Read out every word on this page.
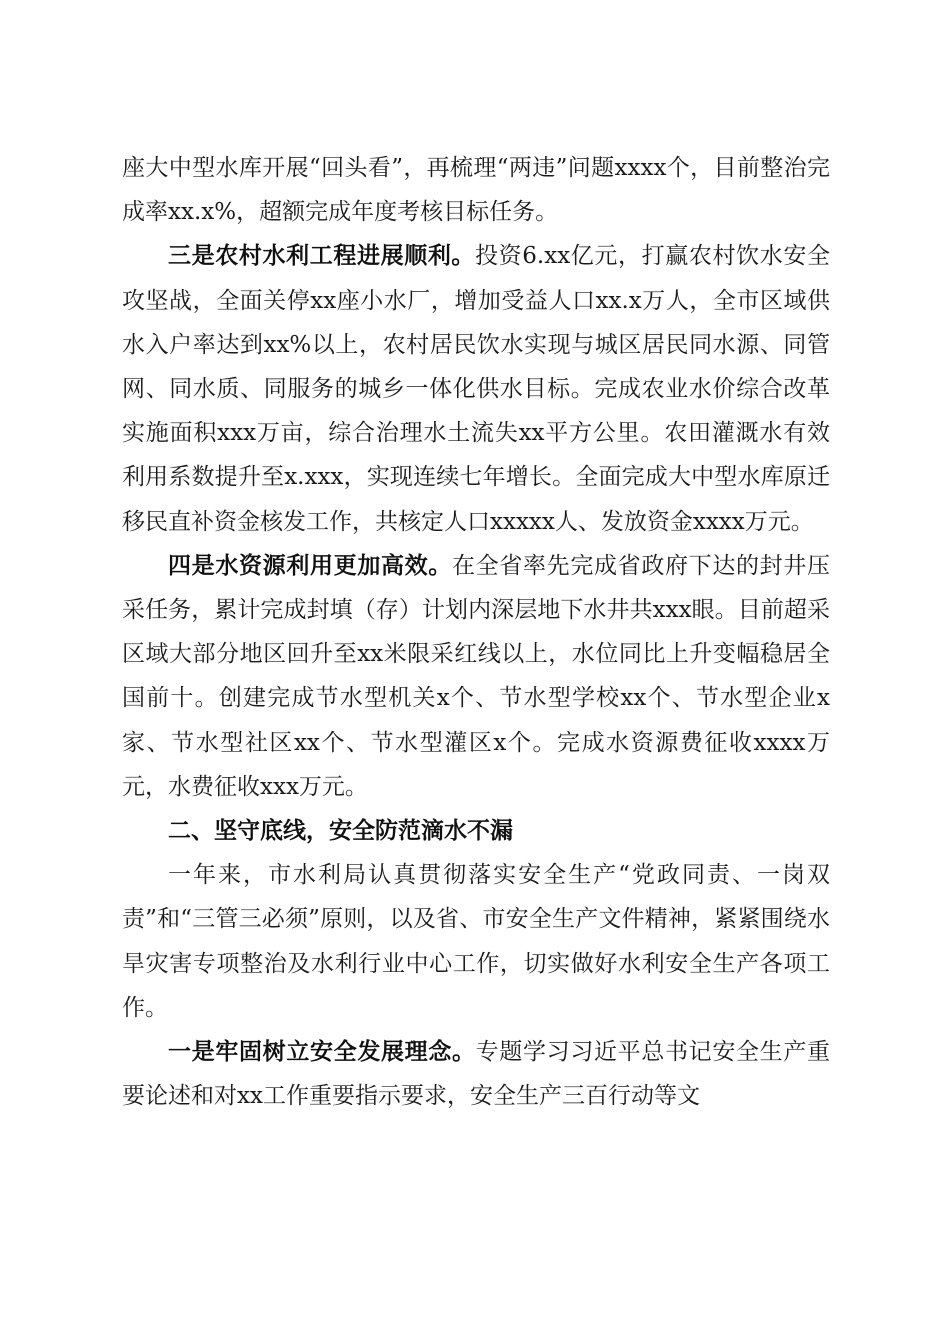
座大中型水库开展“回头看”，再梳理“两违”问题xxxx个，目前整治完成率xx.x%，超额完成年度考核目标任务。

三是农村水利工程进展顺利。投资6.xx亿元，打赢农村饮水安全攻坚战，全面关停xx座小水厂，增加受益人口xx.x万人，全市区域供水入户率达到xx%以上，农村居民饮水实现与城区居民同水源、同管网、同水质、同服务的城乡一体化供水目标。完成农业水价综合改革实施面积xxx万亩，综合治理水土流失xx平方公里。农田灌溉水有效利用系数提升至x.xxx，实现连续七年增长。全面完成大中型水库原迁移民直补资金核发工作，共核定人口xxxxx人、发放资金xxxx万元。

四是水资源利用更加高效。在全省率先完成省政府下达的封井压采任务，累计完成封填（存）计划内深层地下水井共xxx眼。目前超采区域大部分地区回升至xx米限采红线以上，水位同比上升变幅稳居全国前十。创建完成节水型机关x个、节水型学校xx个、节水型企业x家、节水型社区xx个、节水型灌区x个。完成水资源费征收xxxx万元，水费征收xxx万元。

二、坚守底线，安全防范滴水不漏

一年来，市水利局认真贯彻落实安全生产“党政同责、一岗双责”和“三管三必须”原则，以及省、市安全生产文件精神，紧紧围绕水旱灾害专项整治及水利行业中心工作，切实做好水利安全生产各项工作。

一是牢固树立安全发展理念。专题学习习近平总书记安全生产重要论述和对xx工作重要指示要求，安全生产三百行动等文
